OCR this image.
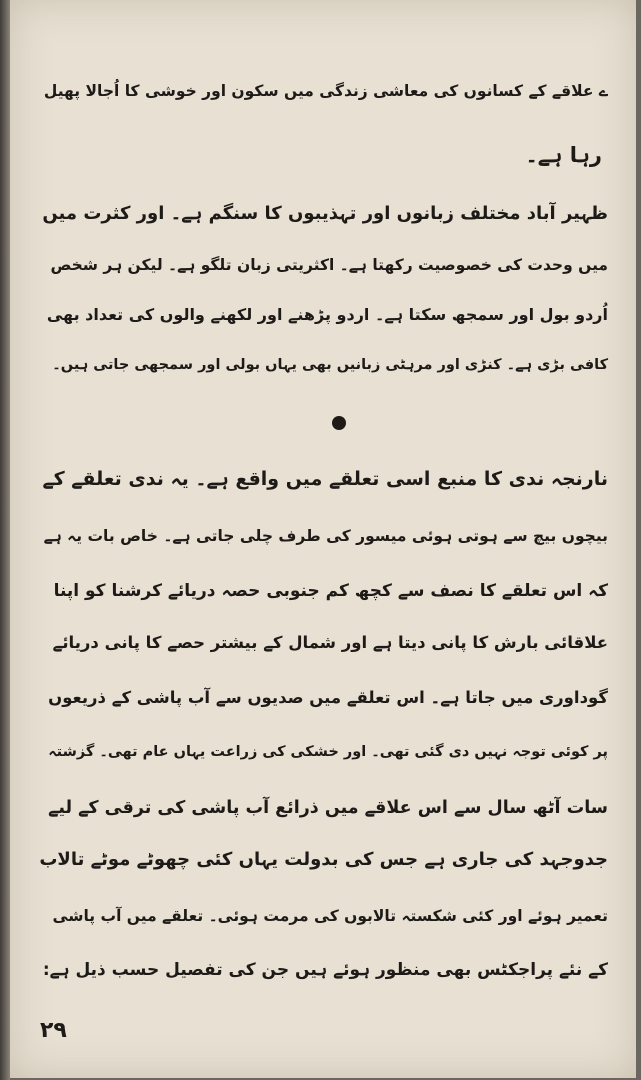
ے علاقے کے کسانوں کی معاشی زندگی میں سکون اور خوشی کا اُجالا پھیل
رہا ہے۔
ظہیر آباد مختلف زبانوں اور تہذیبوں کا سنگم ہے۔ اور کثرت میں
میں وحدت کی خصوصیت رکھتا ہے۔ اکثریتی زبان تلگو ہے۔ لیکن ہر شخص
اُردو بول اور سمجھ سکتا ہے۔ اردو پڑھنے اور لکھنے والوں کی تعداد بھی
کافی بڑی ہے۔ کنڑی اور مرہٹی زبانیں بھی یہاں بولی اور سمجھی جاتی ہیں۔
نارنجہ ندی کا منبع اسی تعلقے میں واقع ہے۔ یہ ندی تعلقے کے
بیچوں بیچ سے ہوتی ہوئی میسور کی طرف چلی جاتی ہے۔ خاص بات یہ ہے
کہ اس تعلقے کا نصف سے کچھ کم جنوبی حصہ دریائے کرشنا کو اپنا
علاقائی بارش کا پانی دیتا ہے اور شمال کے بیشتر حصے کا پانی دریائے
گوداوری میں جاتا ہے۔ اس تعلقے میں صدیوں سے آب پاشی کے ذریعوں
پر کوئی توجہ نہیں دی گئی تھی۔ اور خشکی کی زراعت یہاں عام تھی۔ گزشتہ
سات آٹھ سال سے اس علاقے میں ذرائع آب پاشی کی ترقی کے لیے
جدوجہد کی جاری ہے جس کی بدولت یہاں کئی چھوٹے موٹے تالاب
تعمیر ہوئے اور کئی شکستہ تالابوں کی مرمت ہوئی۔ تعلقے میں آب پاشی
کے نئے پراجکٹس بھی منظور ہوئے ہیں جن کی تفصیل حسب ذیل ہے:
۲۹
